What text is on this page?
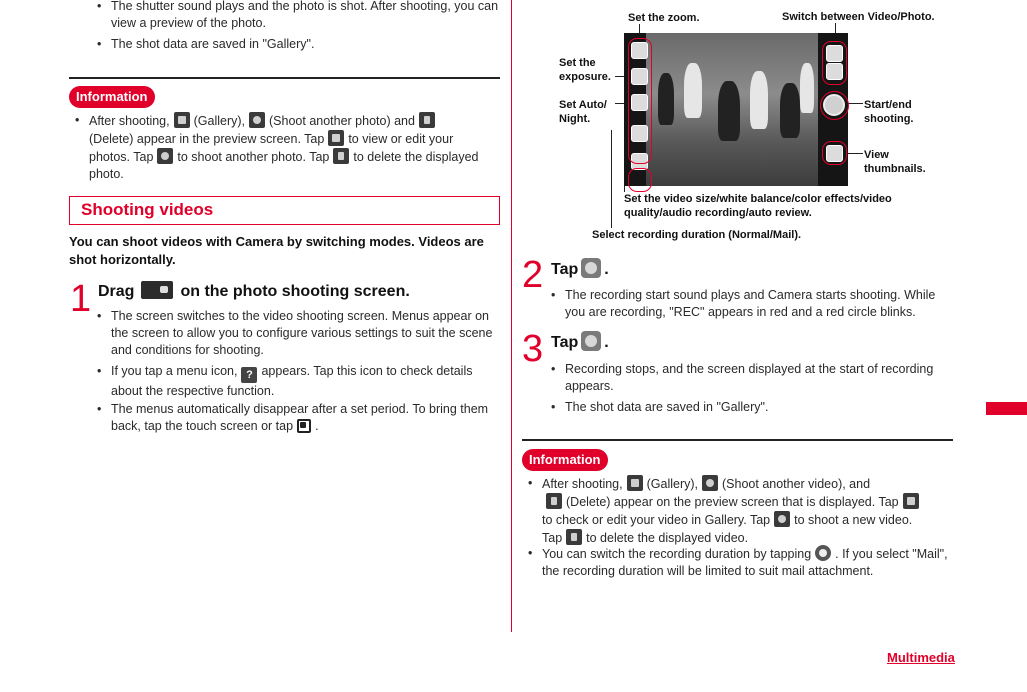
• The shutter sound plays and the photo is shot. After shooting, you can view a preview of the photo.
• The shot data are saved in "Gallery".
Information
• After shooting, (Gallery), (Shoot another photo) and
(Delete) appear in the preview screen. Tap to view or edit your photos. Tap to shoot another photo. Tap to delete the displayed photo.
Shooting videos
You can shoot videos with Camera by switching modes. Videos are shot horizontally.
1 Drag	on the photo shooting screen.
• The screen switches to the video shooting screen. Menus appear on the screen to allow you to configure various settings to suit the scene and conditions for shooting.
• If you tap a menu icon, ? appears. Tap this icon to check details about the respective function.
• The menus automatically disappear after a set period. To bring them back, tap the touch screen or tap .
Set the zoom.	Switch between Video/Photo.
Set the
exposure.
Set Auto/
Night.
Start/end
shooting.
View
thumbnails.
Set the video size/white balance/color effects/video
quality/audio recording/auto review.
Select recording duration (Normal/Mail).
2 Tap .
• The recording start sound plays and Camera starts shooting. While you are recording, "REC" appears in red and a red circle blinks.
3 Tap .
• Recording stops, and the screen displayed at the start of recording appears.
• The shot data are saved in "Gallery".
Information
• After shooting, (Gallery), (Shoot another video), and
(Delete) appear on the preview screen that is displayed. Tap
to check or edit your video in Gallery. Tap to shoot a new video.
Tap to delete the displayed video.
• You can switch the recording duration by tapping . If you select "Mail", the recording duration will be limited to suit mail attachment.
Multimedia
